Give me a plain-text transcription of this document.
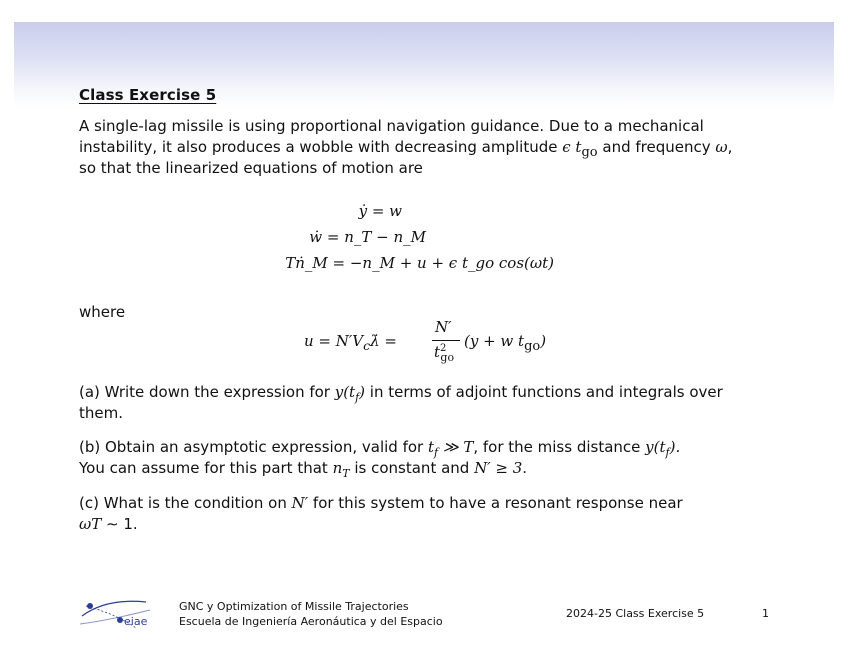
Class Exercise 5
A single-lag missile is using proportional navigation guidance. Due to a mechanical instability, it also produces a wobble with decreasing amplitude ϵ $t_{go}$ and frequency ω,
so that the linearized equations of motion are
ẏ = w
ẇ = n_T − n_M
Tṅ_M = −n_M + u + ϵ t_go cos(ωt)
where
$u = N'V_c\lambdȧ$ =
N′
$t^2_{go}$
(y + w $t_{go}$)
(a) Write down the expression for $y(t_f)$ in terms of adjoint functions and integrals over them.
(b) Obtain an asymptotic expression, valid for $t_f$ ≫ T, for the miss distance $y(t_f)$.
You can assume for this part that $n_T$ is constant and N′ ≥ 3.
(c) What is the condition on N′ for this system to have a resonant response near
ωT ∼ 1.
eiae
GNC y Optimization of Missile Trajectories
Escuela de Ingeniería Aeronáutica y del Espacio
2024-25 Class Exercise 5	1
